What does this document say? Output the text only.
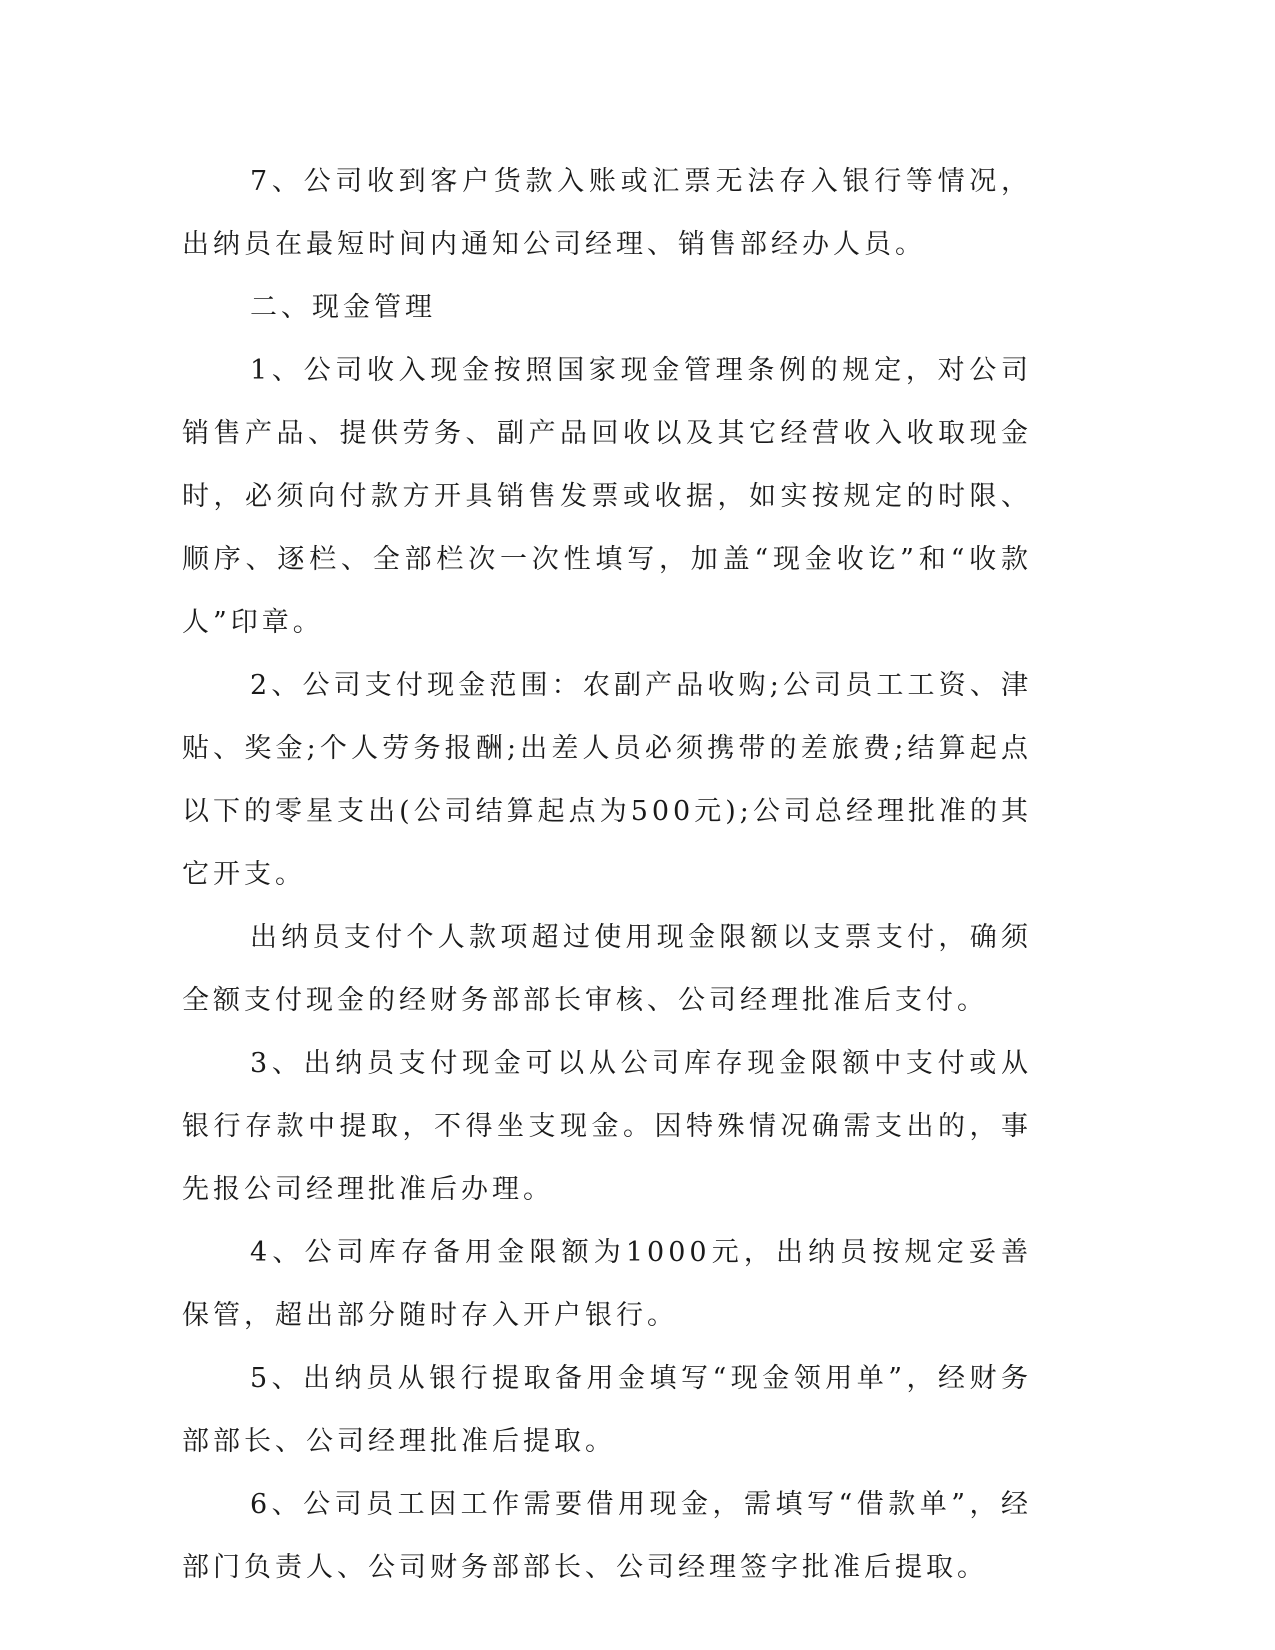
7、公司收到客户货款入账或汇票无法存入银行等情况，出纳员在最短时间内通知公司经理、销售部经办人员。

二、现金管理

1、公司收入现金按照国家现金管理条例的规定，对公司销售产品、提供劳务、副产品回收以及其它经营收入收取现金时，必须向付款方开具销售发票或收据，如实按规定的时限、顺序、逐栏、全部栏次一次性填写，加盖“现金收讫”和“收款人”印章。

2、公司支付现金范围：农副产品收购;公司员工工资、津贴、奖金;个人劳务报酬;出差人员必须携带的差旅费;结算起点以下的零星支出(公司结算起点为500元);公司总经理批准的其它开支。

出纳员支付个人款项超过使用现金限额以支票支付，确须全额支付现金的经财务部部长审核、公司经理批准后支付。

3、出纳员支付现金可以从公司库存现金限额中支付或从银行存款中提取，不得坐支现金。因特殊情况确需支出的，事先报公司经理批准后办理。

4、公司库存备用金限额为1000元，出纳员按规定妥善保管，超出部分随时存入开户银行。

5、出纳员从银行提取备用金填写“现金领用单”，经财务部部长、公司经理批准后提取。

6、公司员工因工作需要借用现金，需填写“借款单”，经部门负责人、公司财务部部长、公司经理签字批准后提取。
